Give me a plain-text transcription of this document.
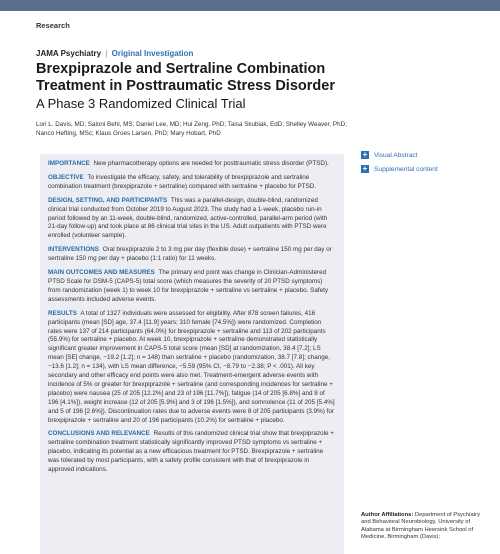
Research
JAMA Psychiatry | Original Investigation
Brexpiprazole and Sertraline Combination Treatment in Posttraumatic Stress Disorder
A Phase 3 Randomized Clinical Trial
Lori L. Davis, MD; Saloni Behl, MS; Daniel Lee, MD; Hui Zeng, PhD; Taisa Skubiak, EdD; Shelley Weaver, PhD; Nanco Hefting, MSc; Klaus Groes Larsen, PhD; Mary Hobart, PhD

IMPORTANCE New pharmacotherapy options are needed for posttraumatic stress disorder (PTSD).

OBJECTIVE To investigate the efficacy, safety, and tolerability of brexpiprazole and sertraline combination treatment (brexpiprazole + sertraline) compared with sertraline + placebo for PTSD.

DESIGN, SETTING, AND PARTICIPANTS This was a parallel-design, double-blind, randomized clinical trial conducted from October 2019 to August 2023. The study had a 1-week, placebo run-in period followed by an 11-week, double-blind, randomized, active-controlled, parallel-arm period (with 21-day follow-up) and took place at 86 clinical trial sites in the US. Adult outpatients with PTSD were enrolled (volunteer sample).

INTERVENTIONS Oral brexpiprazole 2 to 3 mg per day (flexible dose) + sertraline 150 mg per day or sertraline 150 mg per day + placebo (1:1 ratio) for 11 weeks.

MAIN OUTCOMES AND MEASURES The primary end point was change in Clinician-Administered PTSD Scale for DSM-5 (CAPS-5) total score (which measures the severity of 20 PTSD symptoms) from randomization (week 1) to week 10 for brexpiprazole + sertraline vs sertraline + placebo. Safety assessments included adverse events.

RESULTS A total of 1327 individuals were assessed for eligibility. After 878 screen failures, 416 participants (mean [SD] age, 37.4 [11.9] years; 310 female [74.5%]) were randomized. Completion rates were 137 of 214 participants (64.0%) for brexpiprazole + sertraline and 113 of 202 participants (55.9%) for sertraline + placebo. At week 10, brexpiprazole + sertraline demonstrated statistically significant greater improvement in CAPS-5 total score (mean [SD] at randomization, 38.4 [7.2]; LS mean [SE] change, −19.2 [1.2]; n = 148) than sertraline + placebo (randomization, 38.7 [7.8]; change, −13.6 [1.2]; n = 134), with LS mean difference, −5.59 (95% CI, −8.79 to −2.38; P < .001). All key secondary and other efficacy end points were also met. Treatment-emergent adverse events with incidence of 5% or greater for brexpiprazole + sertraline (and corresponding incidences for sertraline + placebo) were nausea (25 of 205 [12.2%] and 23 of 196 [11.7%]), fatigue (14 of 205 [6.8%] and 8 of 196 [4.1%]), weight increase (12 of 205 [5.9%] and 3 of 196 [1.5%]), and somnolence (11 of 205 [5.4%] and 5 of 196 [2.6%]). Discontinuation rates due to adverse events were 8 of 205 participants (3.9%) for brexpiprazole + sertraline and 20 of 196 participants (10.2%) for sertraline + placebo.

CONCLUSIONS AND RELEVANCE Results of this randomized clinical trial show that brexpiprazole + sertraline combination treatment statistically significantly improved PTSD symptoms vs sertraline + placebo, indicating its potential as a new efficacious treatment for PTSD. Brexpiprazole + sertraline was tolerated by most participants, with a safety profile consistent with that of brexpiprazole in approved indications.

+ Visual Abstract
+ Supplemental content
Author Affiliations: Department of Psychiatry and Behavioral Neurobiology, University of Alabama at Birmingham Heersink School of Medicine, Birmingham (Davis);
